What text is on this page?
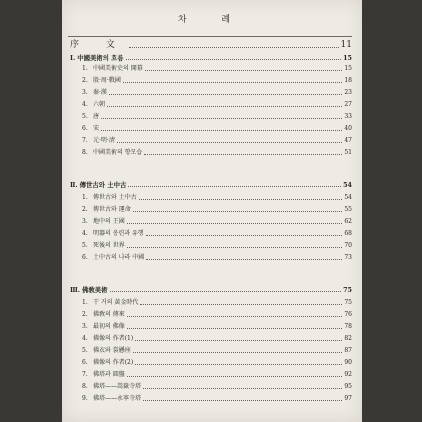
차 례
序 文	11
Ⅰ. 中國美術의 흐름	15
1. 中國美術史의 開幕	15
2. 殷·周·戰國	18
3. 秦·漢	23
4. 六朝	27
5. 唐	33
6. 宋	40
7. 元·明·淸	47
8. 中國美術의 향모습	51
Ⅱ. 傳世古와 土中古	54
1. 傳世古와 土中古	54
2. 傳世古와 運命	55
3. 地中의 王國	62
4. 明器의 옹린과 유행	68
5. 死後의 世界	70
6. 土中古의 나라 中國	73
Ⅲ. 佛敎美術	75
1. 干 거의 黃金時代	75
2. 佛敎의 傳來	76
3. 最初의 佛像	78
4. 佛像의 作者(1)	82
5. 佛衣와 裳懸座	87
6. 佛像의 作者(2)	90
7. 佛塔과 圓盤	92
8. 佛塔——嵩嶽寺塔	95
9. 佛塔——永寧寺塔	97
